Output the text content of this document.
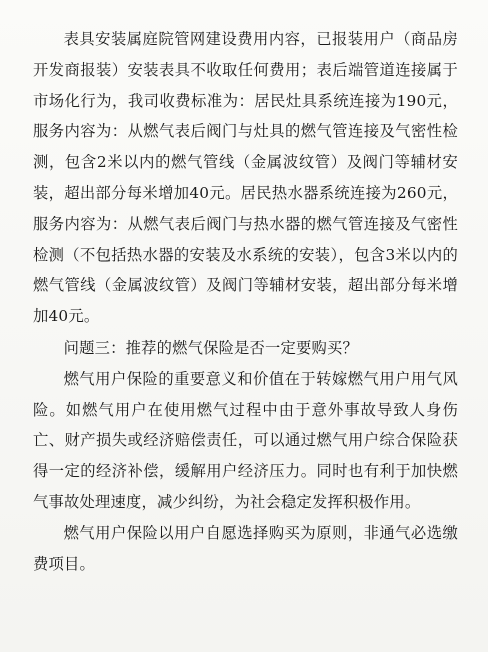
表具安装属庭院管网建设费用内容，已报装用户（商品房开发商报装）安装表具不收取任何费用；表后端管道连接属于市场化行为，我司收费标准为：居民灶具系统连接为190元，服务内容为：从燃气表后阀门与灶具的燃气管连接及气密性检测，包含2米以内的燃气管线（金属波纹管）及阀门等辅材安装，超出部分每米增加40元。居民热水器系统连接为260元，服务内容为：从燃气表后阀门与热水器的燃气管连接及气密性检测（不包括热水器的安装及水系统的安装），包含3米以内的燃气管线（金属波纹管）及阀门等辅材安装，超出部分每米增加40元。

问题三：推荐的燃气保险是否一定要购买？

燃气用户保险的重要意义和价值在于转嫁燃气用户用气风险。如燃气用户在使用燃气过程中由于意外事故导致人身伤亡、财产损失或经济赔偿责任，可以通过燃气用户综合保险获得一定的经济补偿，缓解用户经济压力。同时也有利于加快燃气事故处理速度，减少纠纷，为社会稳定发挥积极作用。

燃气用户保险以用户自愿选择购买为原则，非通气必选缴费项目。
